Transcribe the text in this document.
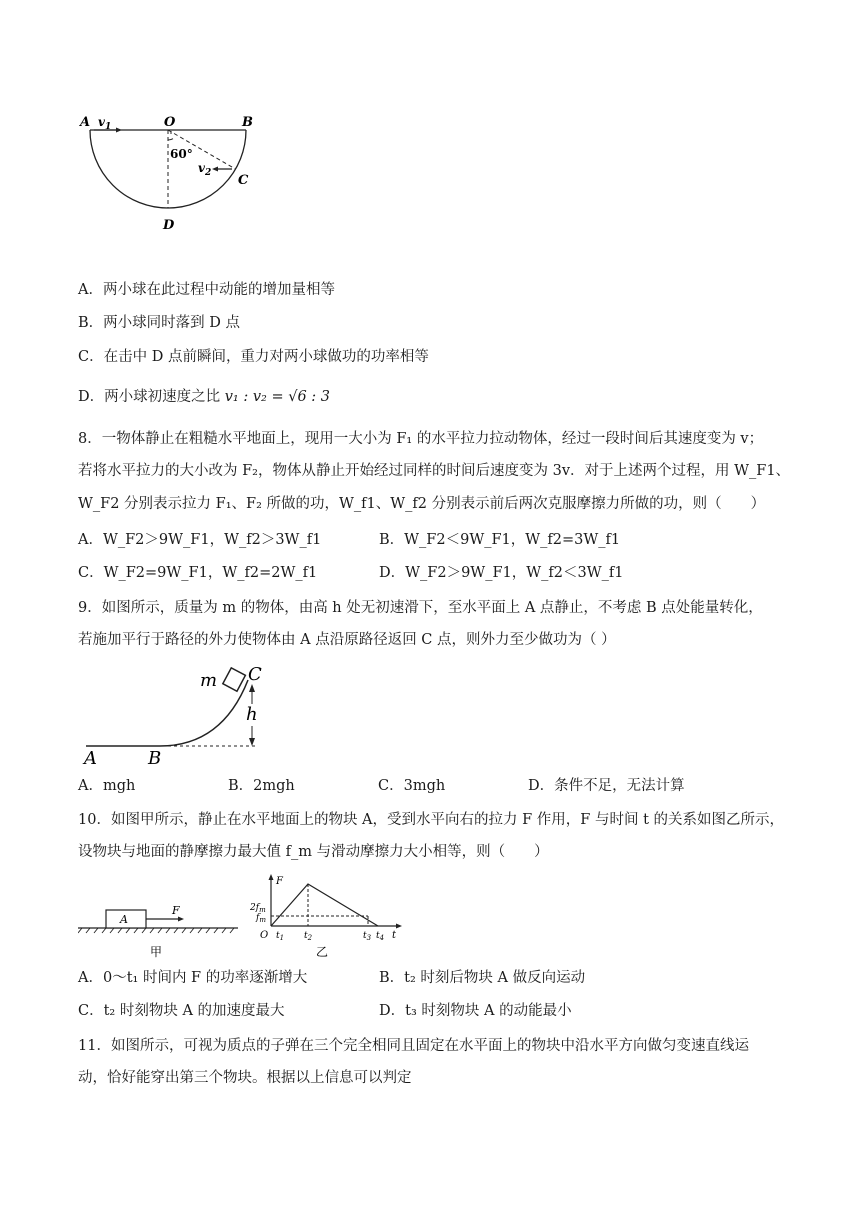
A $v_1$	O	B
60°
$v_2$ C
D
A．两小球在此过程中动能的增加量相等
B．两小球同时落到 D 点
C．在击中 D 点前瞬间，重力对两小球做功的功率相等
D．两小球初速度之比 v₁ : v₂ = √6 : 3
8．一物体静止在粗糙水平地面上，现用一大小为 F₁ 的水平拉力拉动物体，经过一段时间后其速度变为 v；
若将水平拉力的大小改为 F₂，物体从静止开始经过同样的时间后速度变为 3v．对于上述两个过程，用 W_F1、
W_F2 分别表示拉力 F₁、F₂ 所做的功，W_f1、W_f2 分别表示前后两次克服摩擦力所做的功，则（　　）
A．W_F2＞9W_F1，W_f2＞3W_f1	B．W_F2＜9W_F1，W_f2=3W_f1
C．W_F2=9W_F1，W_f2=2W_f1	D．W_F2＞9W_F1，W_f2＜3W_f1
9．如图所示，质量为 m 的物体，由高 h 处无初速滑下，至水平面上 A 点静止，不考虑 B 点处能量转化，
若施加平行于路径的外力使物体由 A 点沿原路径返回 C 点，则外力至少做功为（ ）
m C
h
A	B
A．mgh	B．2mgh	C．3mgh	D．条件不足，无法计算
10．如图甲所示，静止在水平地面上的物块 A，受到水平向右的拉力 F 作用，F 与时间 t 的关系如图乙所示，
设物块与地面的静摩擦力最大值 f_m 与滑动摩擦力大小相等，则（　　）
A
F
甲
F
$2f_m$
$f_m$
O $t_1$ $t_2$	$t_3$ $t_4$ t
乙
A．0～t₁ 时间内 F 的功率逐渐增大	B．t₂ 时刻后物块 A 做反向运动
C．t₂ 时刻物块 A 的加速度最大	D．t₃ 时刻物块 A 的动能最小
11．如图所示，可视为质点的子弹在三个完全相同且固定在水平面上的物块中沿水平方向做匀变速直线运
动，恰好能穿出第三个物块。根据以上信息可以判定
